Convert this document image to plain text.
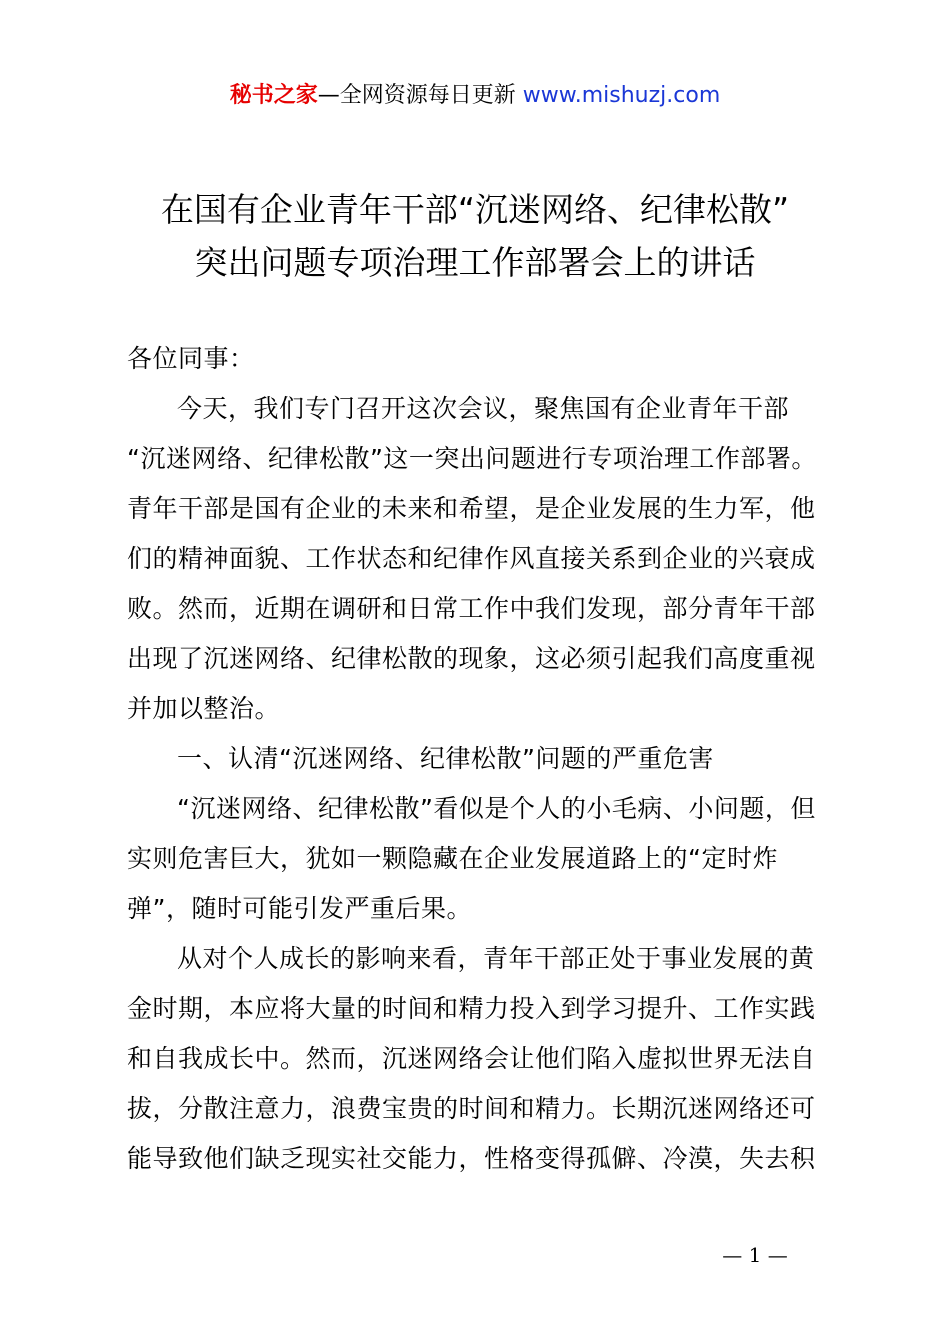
秘书之家—全网资源每日更新 www.mishuzj.com
在国有企业青年干部“沉迷网络、纪律松散”
突出问题专项治理工作部署会上的讲话
各位同事：
今天，我们专门召开这次会议，聚焦国有企业青年干部
“沉迷网络、纪律松散”这一突出问题进行专项治理工作部署。
青年干部是国有企业的未来和希望，是企业发展的生力军，他
们的精神面貌、工作状态和纪律作风直接关系到企业的兴衰成
败。然而，近期在调研和日常工作中我们发现，部分青年干部
出现了沉迷网络、纪律松散的现象，这必须引起我们高度重视
并加以整治。
一、认清“沉迷网络、纪律松散”问题的严重危害
“沉迷网络、纪律松散”看似是个人的小毛病、小问题，但
实则危害巨大，犹如一颗隐藏在企业发展道路上的“定时炸
弹”，随时可能引发严重后果。
从对个人成长的影响来看，青年干部正处于事业发展的黄
金时期，本应将大量的时间和精力投入到学习提升、工作实践
和自我成长中。然而，沉迷网络会让他们陷入虚拟世界无法自
拔，分散注意力，浪费宝贵的时间和精力。长期沉迷网络还可
能导致他们缺乏现实社交能力，性格变得孤僻、冷漠，失去积
— 1 —
